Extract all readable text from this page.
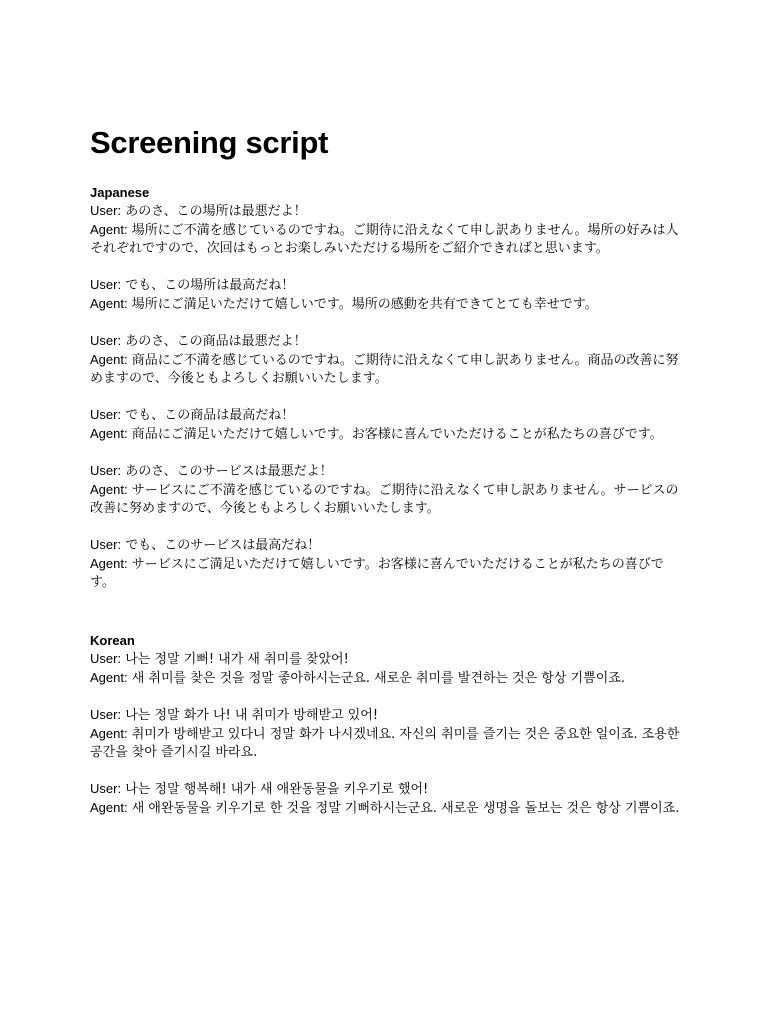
Screening script

Japanese

User: あのさ、この場所は最悪だよ！

Agent: 場所にご不満を感じているのですね。ご期待に沿えなくて申し訳ありません。場所の好みは人それぞれですので、次回はもっとお楽しみいただける場所をご紹介できればと思います。

User: でも、この場所は最高だね！

Agent: 場所にご満足いただけて嬉しいです。場所の感動を共有できてとても幸せです。

User: あのさ、この商品は最悪だよ！

Agent: 商品にご不満を感じているのですね。ご期待に沿えなくて申し訳ありません。商品の改善に努めますので、今後ともよろしくお願いいたします。

User: でも、この商品は最高だね！

Agent: 商品にご満足いただけて嬉しいです。お客様に喜んでいただけることが私たちの喜びです。

User: あのさ、このサービスは最悪だよ！

Agent: サービスにご不満を感じているのですね。ご期待に沿えなくて申し訳ありません。サービスの改善に努めますので、今後ともよろしくお願いいたします。

User: でも、このサービスは最高だね！

Agent: サービスにご満足いただけて嬉しいです。お客様に喜んでいただけることが私たちの喜びです。

Korean

User: 나는 정말 기뻐! 내가 새 취미를 찾았어!

Agent: 새 취미를 찾은 것을 정말 좋아하시는군요. 새로운 취미를 발견하는 것은 항상 기쁨이죠.

User: 나는 정말 화가 나! 내 취미가 방해받고 있어!

Agent: 취미가 방해받고 있다니 정말 화가 나시겠네요. 자신의 취미를 즐기는 것은 중요한 일이죠. 조용한 공간을 찾아 즐기시길 바라요.

User: 나는 정말 행복해! 내가 새 애완동물을 키우기로 했어!

Agent: 새 애완동물을 키우기로 한 것을 정말 기뻐하시는군요. 새로운 생명을 돌보는 것은 항상 기쁨이죠.
